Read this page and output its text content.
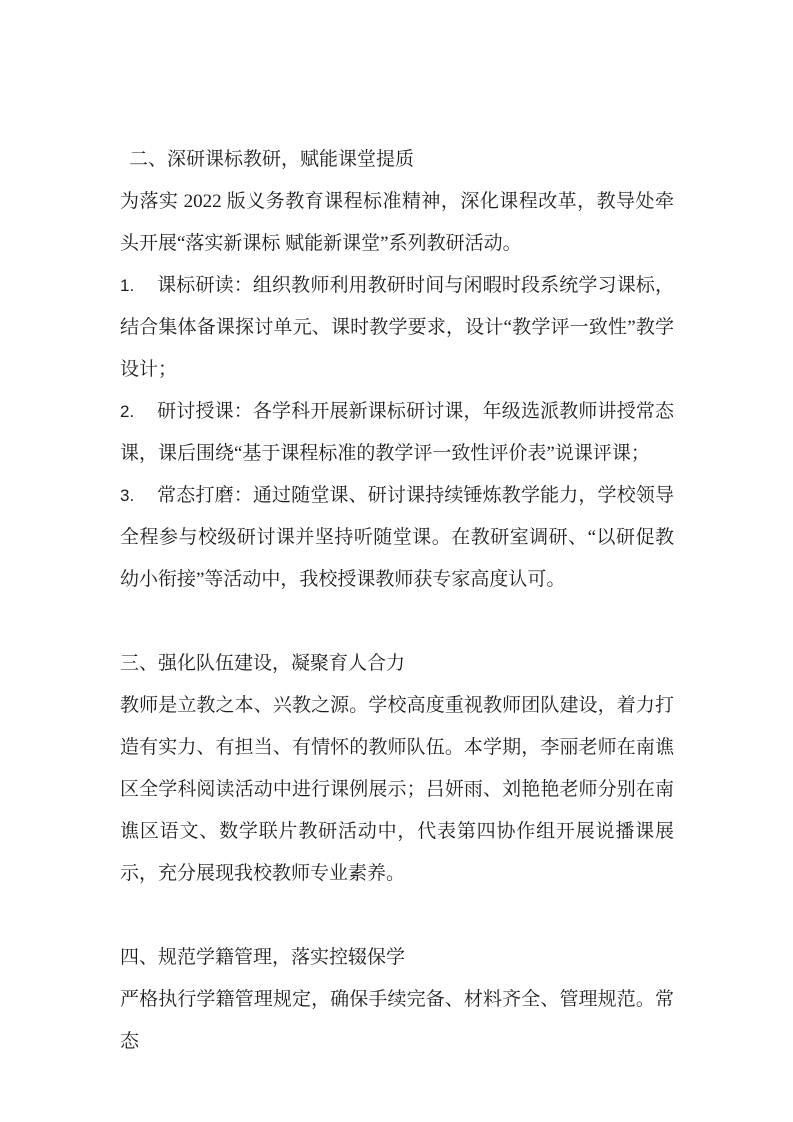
二、深研课标教研，赋能课堂提质

为落实 2022 版义务教育课程标准精神，深化课程改革，教导处牵头开展“落实新课标 赋能新课堂”系列教研活动。

1. 课标研读：组织教师利用教研时间与闲暇时段系统学习课标，结合集体备课探讨单元、课时教学要求，设计“教学评一致性”教学设计；

2. 研讨授课：各学科开展新课标研讨课，年级选派教师讲授常态课，课后围绕“基于课程标准的教学评一致性评价表”说课评课；

3. 常态打磨：通过随堂课、研讨课持续锤炼教学能力，学校领导全程参与校级研讨课并坚持听随堂课。在教研室调研、“以研促教幼小衔接”等活动中，我校授课教师获专家高度认可。

三、强化队伍建设，凝聚育人合力

教师是立教之本、兴教之源。学校高度重视教师团队建设，着力打造有实力、有担当、有情怀的教师队伍。本学期，李丽老师在南谯区全学科阅读活动中进行课例展示；吕妍雨、刘艳艳老师分别在南谯区语文、数学联片教研活动中，代表第四协作组开展说播课展示，充分展现我校教师专业素养。

四、规范学籍管理，落实控辍保学

严格执行学籍管理规定，确保手续完备、材料齐全、管理规范。常态
